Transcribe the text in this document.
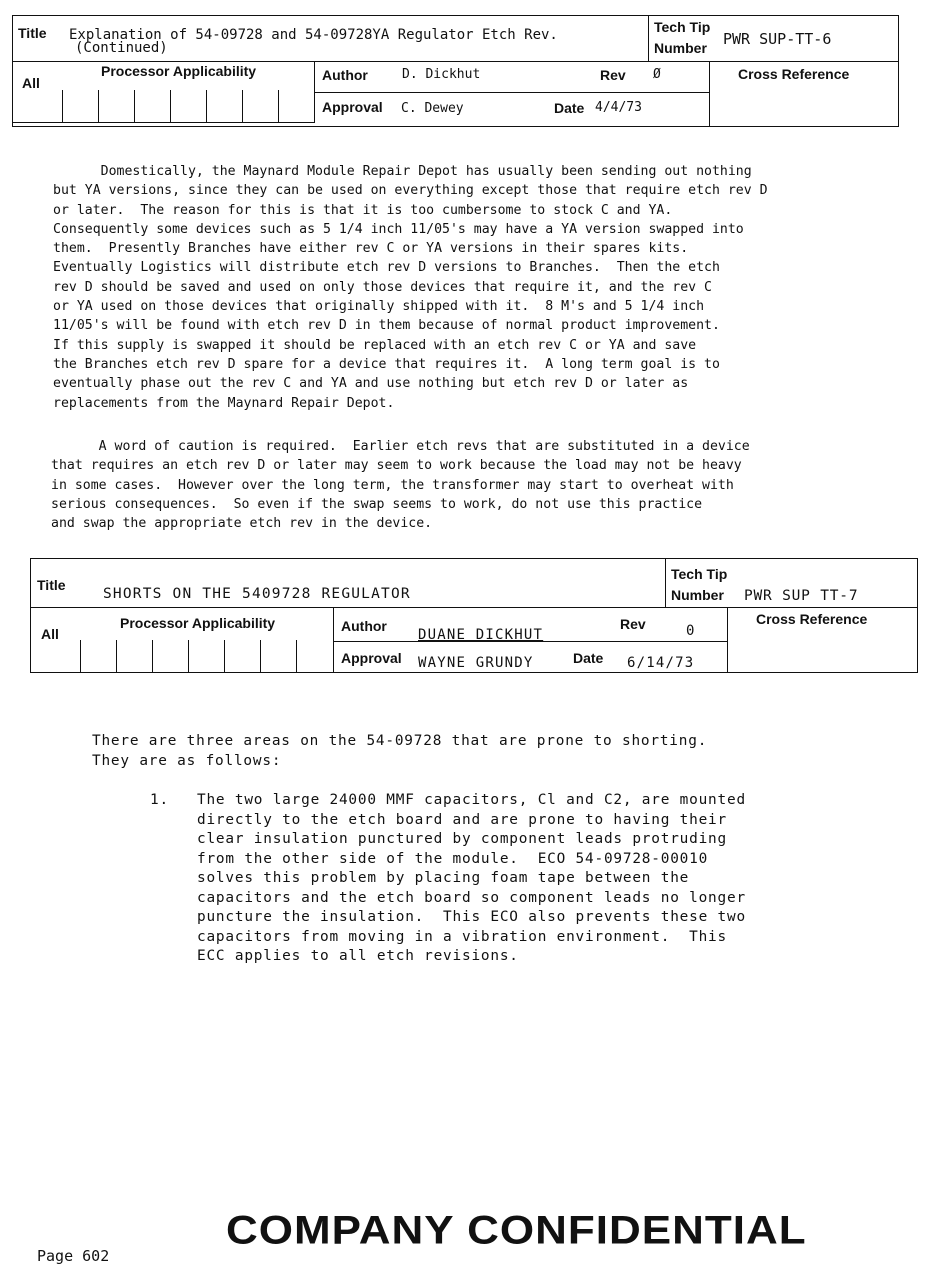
Title Explanation of 54-09728 and 54-09728YA Regulator Etch Rev.
(Continued)
Tech Tip
Number PWR SUP-TT-6
Processor Applicability
All	Author	D. Dickhut	Rev Ø
Approval C. Dewey	Date 4/4/73
Cross Reference
Domestically, the Maynard Module Repair Depot has usually been sending out nothing
but YA versions, since they can be used on everything except those that require etch rev D
or later.  The reason for this is that it is too cumbersome to stock C and YA.
Consequently some devices such as 5 1/4 inch 11/05's may have a YA version swapped into
them.  Presently Branches have either rev C or YA versions in their spares kits.
Eventually Logistics will distribute etch rev D versions to Branches.  Then the etch
rev D should be saved and used on only those devices that require it, and the rev C
or YA used on those devices that originally shipped with it.  8 M's and 5 1/4 inch
11/05's will be found with etch rev D in them because of normal product improvement.
If this supply is swapped it should be replaced with an etch rev C or YA and save
the Branches etch rev D spare for a device that requires it.  A long term goal is to
eventually phase out the rev C and YA and use nothing but etch rev D or later as
replacements from the Maynard Repair Depot.
A word of caution is required.  Earlier etch revs that are substituted in a device
that requires an etch rev D or later may seem to work because the load may not be heavy
in some cases.  However over the long term, the transformer may start to overheat with
serious consequences.  So even if the swap seems to work, do not use this practice
and swap the appropriate etch rev in the device.
Title
SHORTS ON THE 5409728 REGULATOR
Tech Tip
Number PWR SUP TT-7
Processor Applicability
All	Author
DUANE DICKHUT
Rev	0
Approval WAYNE GRUNDY	Date 6/14/73
Cross Reference
There are three areas on the 54-09728 that are prone to shorting.
They are as follows:
1. The two large 24000 MMF capacitors, Cl and C2, are mounted
directly to the etch board and are prone to having their
clear insulation punctured by component leads protruding
from the other side of the module.  ECO 54-09728-00010
solves this problem by placing foam tape between the
capacitors and the etch board so component leads no longer
puncture the insulation.  This ECO also prevents these two
capacitors from moving in a vibration environment.  This
ECC applies to all etch revisions.
Page 602
COMPANY CONFIDENTIAL
